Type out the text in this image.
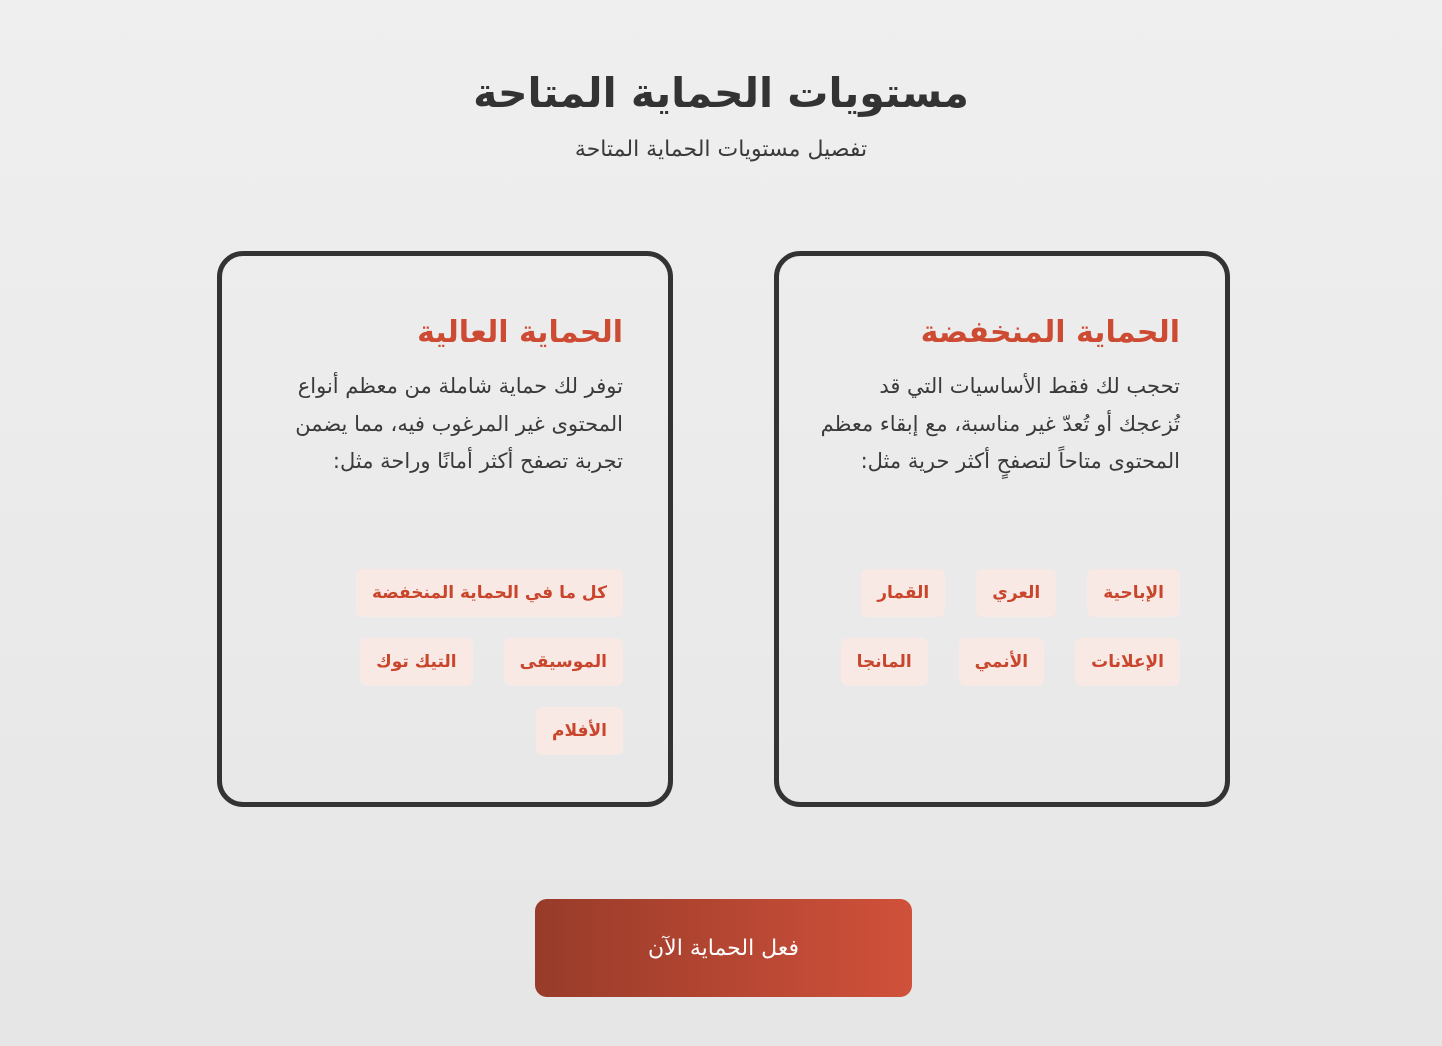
مستويات الحماية المتاحة

تفصيل مستويات الحماية المتاحة

الحماية المنخفضة

تحجب لك فقط الأساسيات التي قد تُزعجك أو تُعدّ غير مناسبة، مع إبقاء معظم المحتوى متاحاً لتصفحٍ أكثر حرية مثل:

الإباحية
العري
القمار
الإعلانات
الأنمي
المانجا
الحماية العالية

توفر لك حماية شاملة من معظم أنواع المحتوى غير المرغوب فيه، مما يضمن تجربة تصفح أكثر أمانًا وراحة مثل:

كل ما في الحماية المنخفضة
الموسيقى
التيك توك
الأفلام
فعل الحماية الآن
